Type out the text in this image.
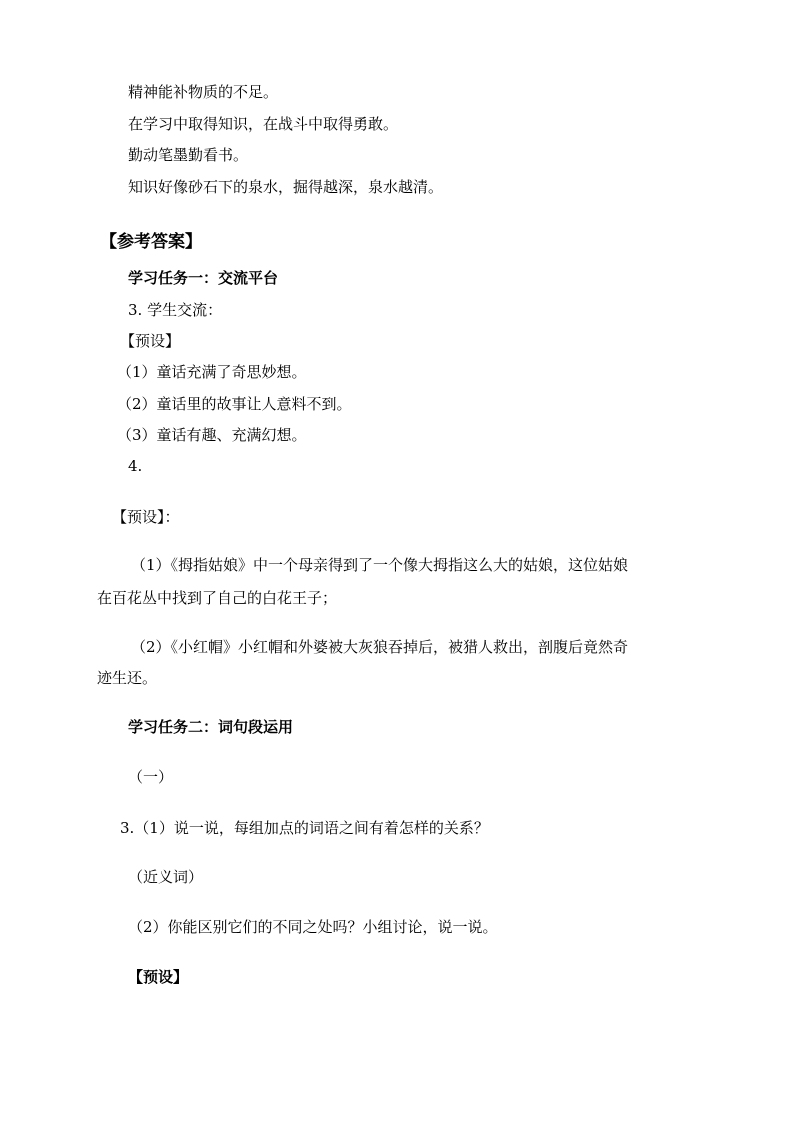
精神能补物质的不足。
在学习中取得知识，在战斗中取得勇敢。
勤动笔墨勤看书。
知识好像砂石下的泉水，掘得越深，泉水越清。
【参考答案】
学习任务一：交流平台
3. 学生交流：
【预设】
（1）童话充满了奇思妙想。
（2）童话里的故事让人意料不到。
（3）童话有趣、充满幻想。
4.
【预设】：
（1）《拇指姑娘》中一个母亲得到了一个像大拇指这么大的姑娘，这位姑娘
在百花丛中找到了自己的白花王子；
（2）《小红帽》小红帽和外婆被大灰狼吞掉后，被猎人救出，剖腹后竟然奇
迹生还。
学习任务二：词句段运用
（一）
3.（1）说一说，每组加点的词语之间有着怎样的关系？
（近义词）
（2）你能区别它们的不同之处吗？小组讨论，说一说。
【预设】
